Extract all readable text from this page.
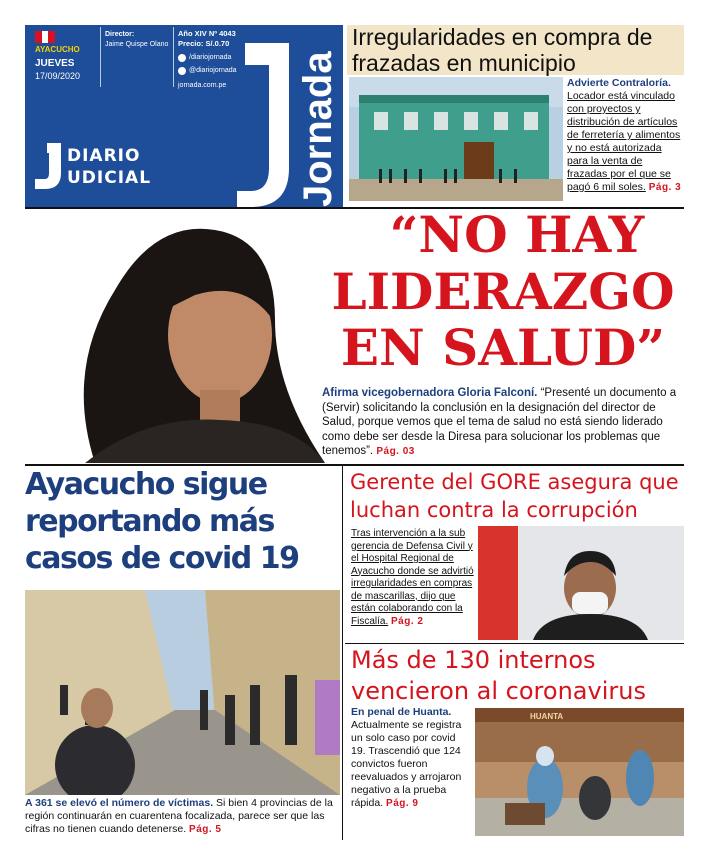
AYACUCHO
JUEVES
17/09/2020
Director:
Jaime Quispe Olano
Año XIV Nº 4043
Precio: S/.0.70
/diariojornada
@diariojornada
jornada.com.pe Jornada
DIARIO
UDICIAL
Irregularidades en compra de frazadas en municipio
Advierte Contraloría. Locador está vinculado con proyectos y distribución de artículos de ferretería y alimentos y no está autorizada para la venta de frazadas por el que se pagó 6 mil soles. Pág. 3
“NO HAY
LIDERAZGO
EN SALUD”
Afirma vicegobernadora Gloria Falconí. “Presenté un documento a (Servir) solicitando la conclusión en la designación del director de Salud, porque vemos que el tema de salud no está siendo liderado como debe ser desde la Diresa para solucionar los problemas que tenemos”. Pág. 03
Ayacucho sigue reportando más casos de covid 19
A 361 se elevó el número de víctimas. Si bien 4 provincias de la región continuarán en cuarentena focalizada, parece ser que las cifras no tienen cuando detenerse. Pág. 5
Gerente del GORE asegura que luchan contra la corrupción
Tras intervención a la sub gerencia de Defensa Civil y el Hospital Regional de Ayacucho donde se advirtió irregularidades en compras de mascarillas, dijo que están colaborando con la Fiscalía. Pág. 2
Más de 130 internos vencieron al coronavirus
En penal de Huanta. Actualmente se registra un solo caso por covid 19. Trascendió que 124 convictos fueron reevaluados y arrojaron negativo a la prueba rápida. Pág. 9
HUANTA
